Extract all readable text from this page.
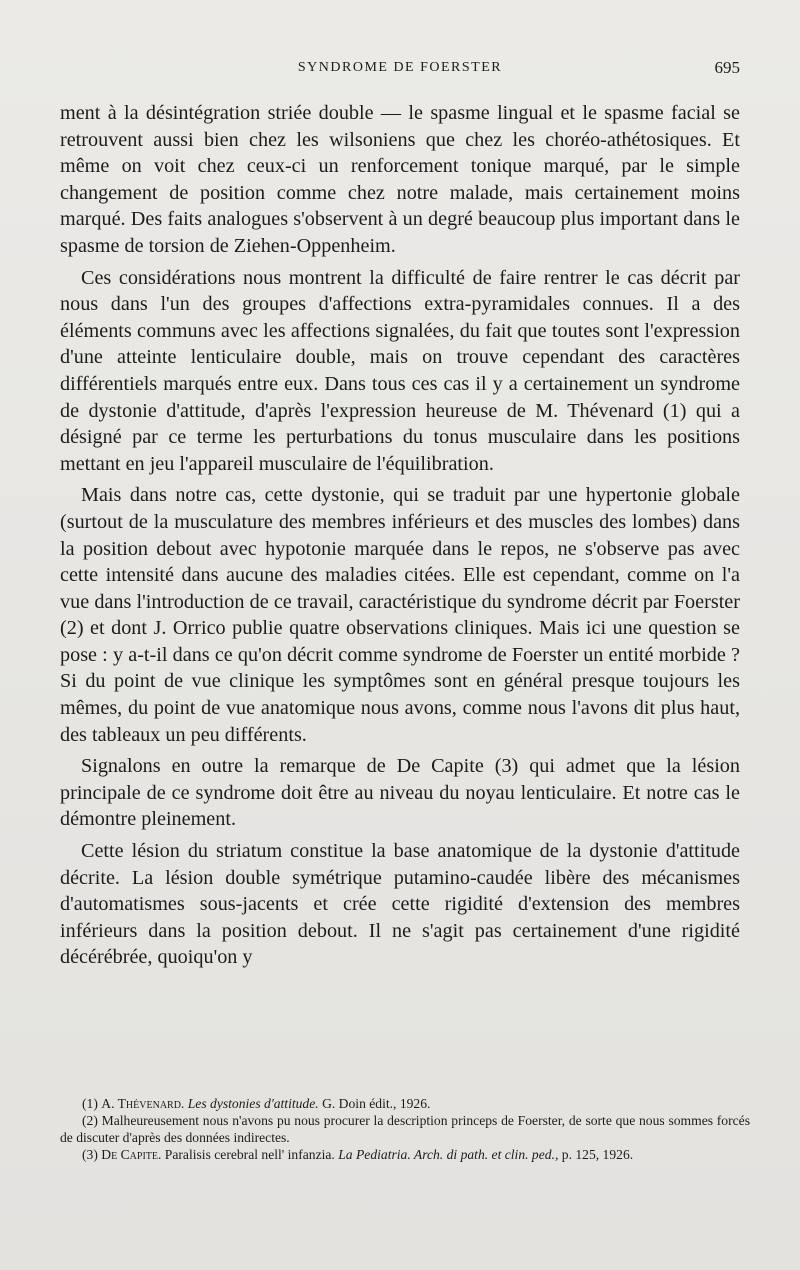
SYNDROME DE FOERSTER	695

ment à la désintégration striée double — le spasme lingual et le spasme facial se retrouvent aussi bien chez les wilsoniens que chez les choréo-athétosiques. Et même on voit chez ceux-ci un renforcement tonique marqué, par le simple changement de position comme chez notre malade, mais certainement moins marqué. Des faits analogues s'observent à un degré beaucoup plus important dans le spasme de torsion de Ziehen-Oppenheim.

Ces considérations nous montrent la difficulté de faire rentrer le cas décrit par nous dans l'un des groupes d'affections extra-pyramidales connues. Il a des éléments communs avec les affections signalées, du fait que toutes sont l'expression d'une atteinte lenticulaire double, mais on trouve cependant des caractères différentiels marqués entre eux. Dans tous ces cas il y a certainement un syndrome de dystonie d'attitude, d'après l'expression heureuse de M. Thévenard (1) qui a désigné par ce terme les perturbations du tonus musculaire dans les positions mettant en jeu l'appareil musculaire de l'équilibration.

Mais dans notre cas, cette dystonie, qui se traduit par une hypertonie globale (surtout de la musculature des membres inférieurs et des muscles des lombes) dans la position debout avec hypotonie marquée dans le repos, ne s'observe pas avec cette intensité dans aucune des maladies citées. Elle est cependant, comme on l'a vue dans l'introduction de ce travail, caractéristique du syndrome décrit par Foerster (2) et dont J. Orrico publie quatre observations cliniques. Mais ici une question se pose : y a-t-il dans ce qu'on décrit comme syndrome de Foerster un entité morbide ? Si du point de vue clinique les symptômes sont en général presque toujours les mêmes, du point de vue anatomique nous avons, comme nous l'avons dit plus haut, des tableaux un peu différents.

Signalons en outre la remarque de De Capite (3) qui admet que la lésion principale de ce syndrome doit être au niveau du noyau lenticulaire. Et notre cas le démontre pleinement.

Cette lésion du striatum constitue la base anatomique de la dystonie d'attitude décrite. La lésion double symétrique putamino-caudée libère des mécanismes d'automatismes sous-jacents et crée cette rigidité d'extension des membres inférieurs dans la position debout. Il ne s'agit pas certainement d'une rigidité décérébrée, quoiqu'on y

(1) A. Thévenard. Les dystonies d'attitude. G. Doin édit., 1926.

(2) Malheureusement nous n'avons pu nous procurer la description princeps de Foerster, de sorte que nous sommes forcés de discuter d'après des données indirectes.

(3) De Capite. Paralisis cerebral nell' infanzia. La Pediatria. Arch. di path. et clin. ped., p. 125, 1926.
